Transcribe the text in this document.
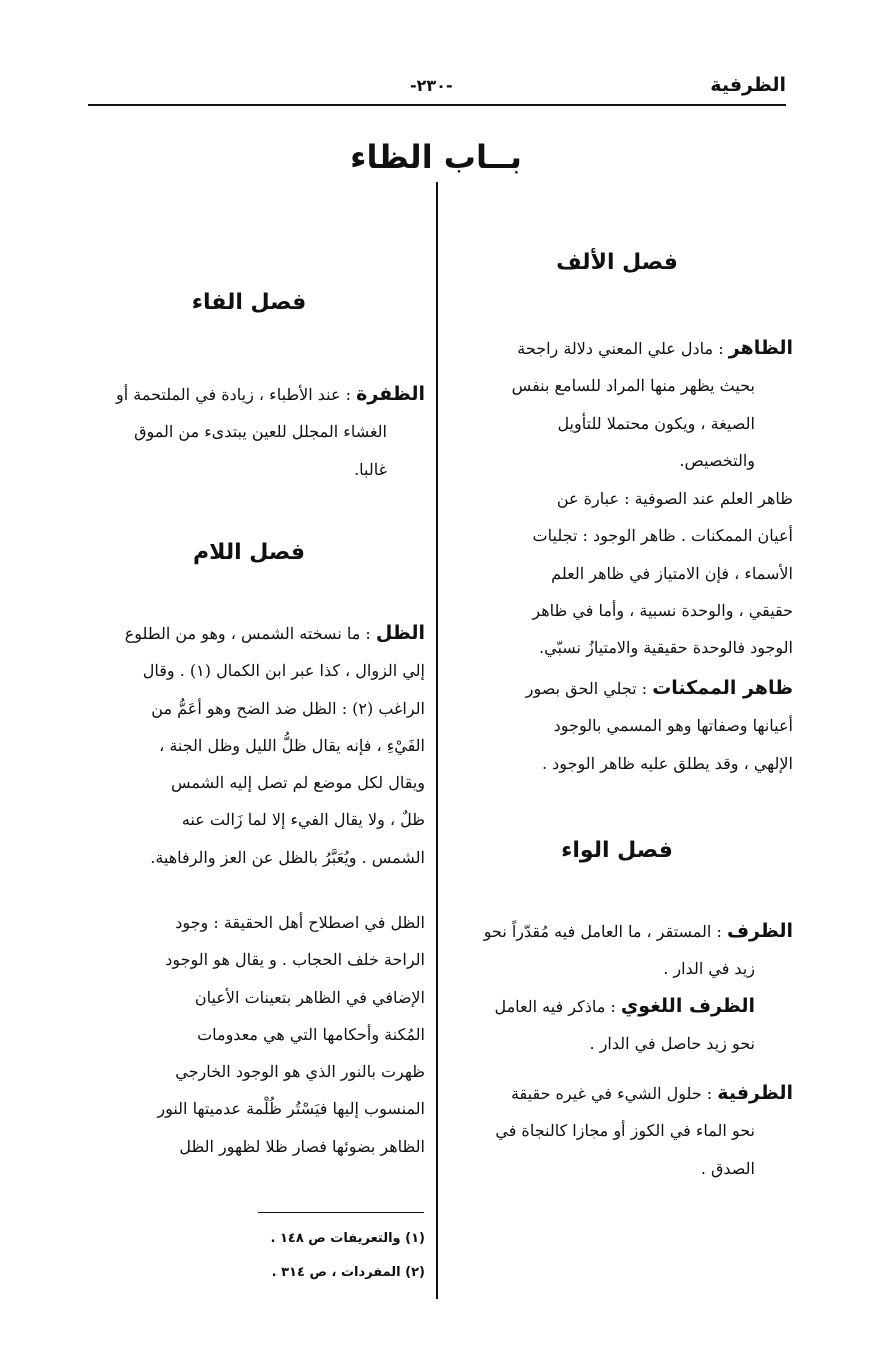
الظرفية
-٢٣٠-
بــاب الظاء
فصل الألف
الظاهر : مادل علي المعني دلالة راجحة
بحيث يظهر منها المراد للسامع بنفس
الصيغة ، ويكون محتملا للتأويل
والتخصيص.
ظاهر العلم عند الصوفية : عبارة عن
أعيان الممكنات . ظاهر الوجود : تجليات
الأسماء ، فإن الامتياز في ظاهر العلم
حقيقي ، والوحدة نسبية ، وأما في ظاهر
الوجود فالوحدة حقيقية والامتيازُ نسبّي.
ظاهر الممكنات : تجلي الحق بصور
أعيانها وصفاتها وهو المسمي بالوجود
الإلهي ، وقد يطلق عليه ظاهر الوجود .
فصل الواء
الظرف : المستقر ، ما العامل فيه مُقدّراً نحو
زيد في الدار .
الظرف اللغوي : ماذكر فيه العامل
نحو زيد حاصل في الدار .
الظرفية : حلول الشيء في غيره حقيقة
نحو الماء في الكوز أو مجازا كالنجاة في
الصدق .
فصل الفاء
الظفرة : عند الأطباء ، زيادة في الملتحمة أو
الغشاء المجلل للعين يبتدىء من الموق
غالبا.
فصل اللام
الظل : ما نسخته الشمس ، وهو من الطلوع
إلي الزوال ، كذا عبر ابن الكمال (١) . وقال
الراغب (٢) : الظل ضد الضح وهو أعَمُّ من
الفَيْءِ ، فإنه يقال ظلُّ الليل وظل الجنة ،
ويقال لكل موضع لم تصل إليه الشمس
ظلٌ ، ولا يقال الفيء إلا لما زَالت عنه
الشمس . ويُعَبَّرُ بالظل عن العز والرفاهية.
الظل في اصطلاح أهل الحقيقة : وجود
الراحة خلف الحجاب . و يقال هو الوجود
الإضافي في الظاهر بتعينات الأعيان
المُكنة وأحكامها التي هي معدومات
ظهرت بالنور الذي هو الوجود الخارجي
المنسوب إليها فيَسْتُر ظُلْمة عدميتها النور
الظاهر بضوئها فصار ظلا لظهور الظل
(١) والتعريفات ص ١٤٨ .
(٢) المفردات ، ص ٣١٤ .
